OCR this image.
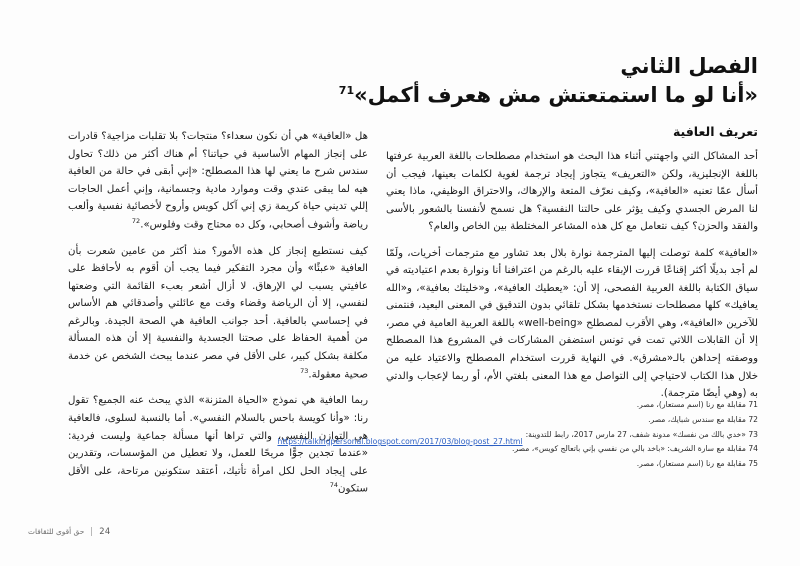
الفصل الثاني
«أنا لو ما استمتعتش مش هعرف أكمل»$^{71}$
تعريف العافية

أحد المشاكل التي واجهتني أثناء هذا البحث هو استخدام مصطلحات باللغة العربية عرفتها باللغة الإنجليزية، ولكن «التعريف» يتجاوز إيجاد ترجمة لغوية لكلمات بعينها، فيجب أن أسأل عمّا تعنيه «العافية»، وكيف نعرّف المتعة والإرهاك، والاحتراق الوظيفي، ماذا يعني لنا المرض الجسدي وكيف يؤثر على حالتنا النفسية؟ هل نسمح لأنفسنا بالشعور بالأسى والفقد والحزن؟ كيف نتعامل مع كل هذه المشاعر المختلطة بين الخاص والعام؟

«العافية» كلمة توصلت إليها المترجمة نوارة بلال بعد تشاور مع مترجمات أخريات، ولَمّا لم أجد بديلًا أكثر إقناعًا قررت الإبقاء عليه بالرغم من اعترافنا أنا ونوارة بعدم اعتياديته في سياق الكتابة باللغة العربية الفصحى، إلا أن: «يعطيك العافية»، و«خليتك بعافية»، و«الله يعافيك» كلها مصطلحات نستخدمها بشكل تلقائي بدون التدقيق في المعنى البعيد، فنتمنى للآخرين «العافية»، وهي الأقرب لمصطلح «well-being» باللغة العربية العامية في مصر، إلا أن القابلات اللاتي تمت في تونس استضفن المشاركات في المشروع هذا المصطلح ووصفته إحداهن بالـ«مشرق». في النهاية قررت استخدام المصطلح والاعتياد عليه من خلال هذا الكتاب لاحتياجي إلى التواصل مع هذا المعنى بلغتي الأم، أو ربما لإعجاب والدتي به (وهي أيضًا مترجمة).

هل «العافية» هي أن نكون سعداء؟ منتجات؟ بلا تقلبات مزاجية؟ قادرات على إنجاز المهام الأساسية في حياتنا؟ أم هناك أكثر من ذلك؟ تحاول سندس شرح ما يعني لها هذا المصطلح: «إني أبقى في حالة من العافية هيه لما يبقى عندي وقت وموارد مادية وجسمانية، وإني أعمل الحاجات إللي تديني حياة كريمة زي إني آكل كويس وأروح لأخصائية نفسية وألعب رياضة وأشوف أصحابي، وكل ده محتاج وقت وفلوس».$^{72}$

كيف نستطيع إنجاز كل هذه الأمور؟ منذ أكثر من عامين شعرت بأن العافية «عبئًا» وأن مجرد التفكير فيما يجب أن أقوم به لأحافظ على عافيتي يسبب لي الإرهاق. لا أزال أشعر بعبء القائمة التي وضعتها لنفسي، إلا أن الرياضة وقضاء وقت مع عائلتي وأصدقائي هم الأساس في إحساسي بالعافية. أحد جوانب العافية هي الصحة الجيدة. وبالرغم من أهمية الحفاظ على صحتنا الجسدية والنفسية إلا أن هذه المسألة مكلفة بشكل كبير، على الأقل في مصر عندما يبحث الشخص عن خدمة صحية معقولة.$^{73}$

ربما العافية هي نموذج «الحياة المتزنة» الذي يبحث عنه الجميع؟ تقول رنا: «وأنا كويسة باحس بالسلام النفسي». أما بالنسبة لسلوى، فالعافية هي التوازن النفسي، والتي تراها أنها مسألة جماعية وليست فردية: «عندما تجدين جوًّا مريحًا للعمل، ولا تعطيل من المؤسسات، وتقدرين على إيجاد الحل لكل امرأة تأتيك، أعتقد ستكونين مرتاحة، على الأقل ستكون$^{74}$

71 مقابلة مع رنا (اسم مستعار)، مصر.
72 مقابلة مع سندس شبايك، مصر.
73 «خدي بالك من نفسك» مدونة شفف، 27 مارس 2017، رابط للتدوينة:
74 مقابلة مع سارة الشريف: «باخد بالي من نفسي بإني باتعالج كويس»، مصر.
75 مقابلة مع رنا (اسم مستعار)، مصر.
https://talkingpersonal.blogspot.com/2017/03/blog-post_27.html
24
حق أقوى للثقافات
